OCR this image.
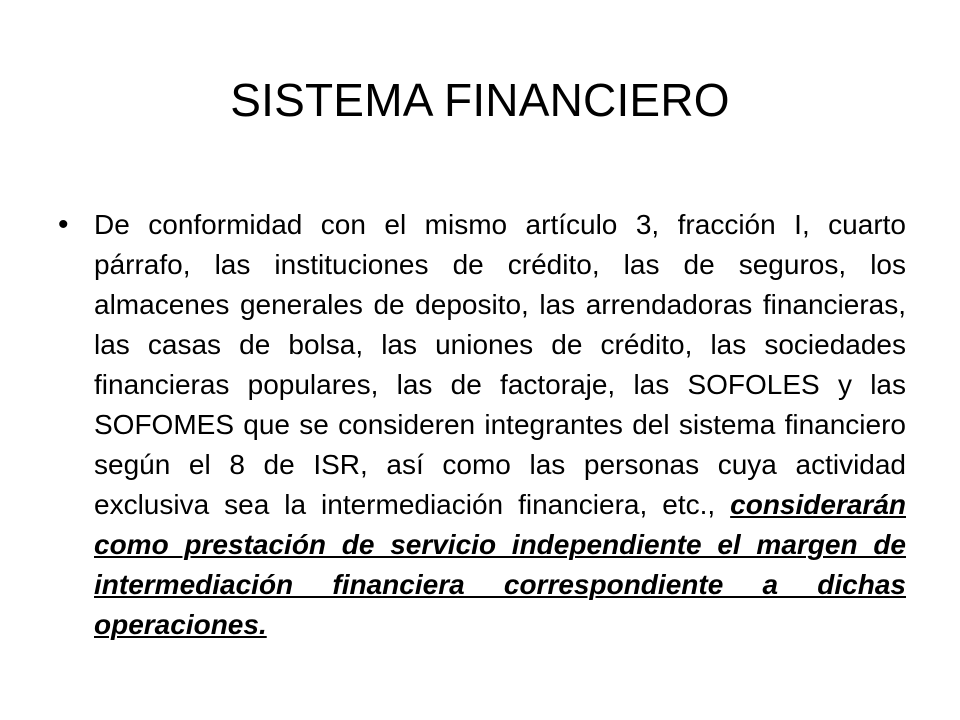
SISTEMA FINANCIERO
• De conformidad con el mismo artículo 3, fracción I, cuarto párrafo, las instituciones de crédito, las de seguros, los almacenes generales de deposito, las arrendadoras financieras, las casas de bolsa, las uniones de crédito, las sociedades financieras populares, las de factoraje, las SOFOLES y las SOFOMES que se consideren integrantes del sistema financiero según el 8 de ISR, así como las personas cuya actividad exclusiva sea la intermediación financiera, etc., considerarán como prestación de servicio independiente el margen de intermediación financiera correspondiente a dichas operaciones.
